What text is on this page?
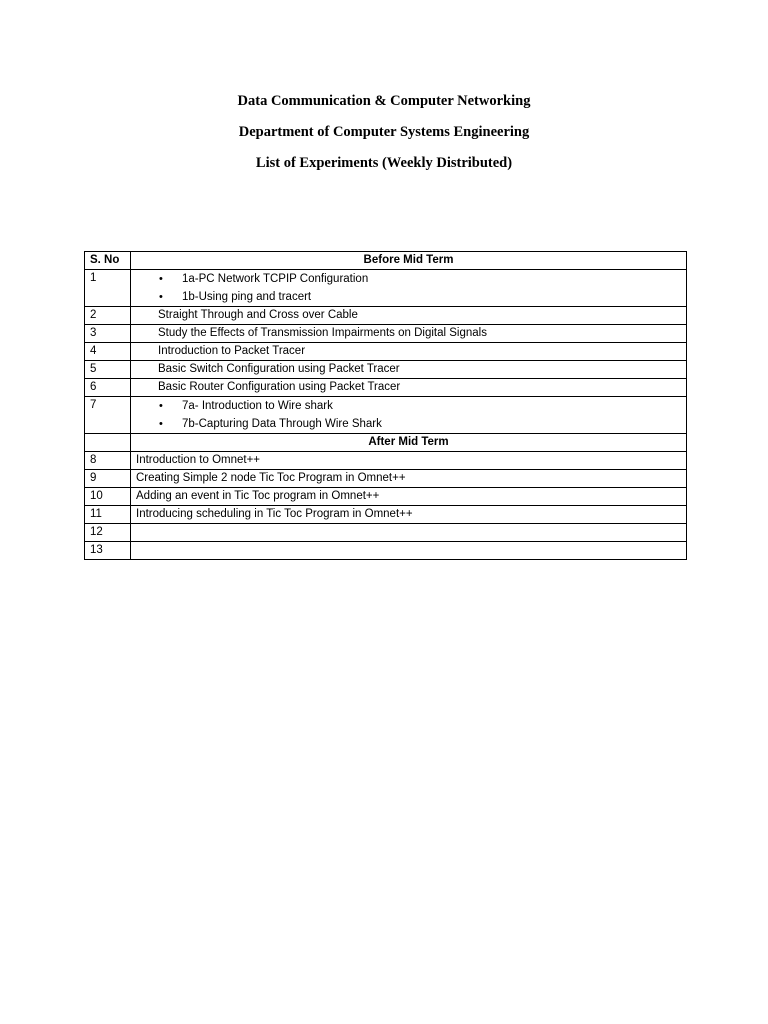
Data Communication & Computer Networking
Department of Computer Systems Engineering
List of Experiments (Weekly Distributed)
S. No	Before Mid Term
1	• 1a-PC Network TCPIP Configuration
• 1b-Using ping and tracert

2	Straight Through and Cross over Cable

3	Study the Effects of Transmission Impairments on Digital Signals

4	Introduction to Packet Tracer

5	Basic Switch Configuration using Packet Tracer

6	Basic Router Configuration using Packet Tracer

7	• 7a- Introduction to Wire shark
• 7b-Capturing Data Through Wire Shark

	After Mid Term
8	Introduction to Omnet++
9	Creating Simple 2 node Tic Toc Program in Omnet++
10	Adding an event in Tic Toc program in Omnet++
11	Introducing scheduling in Tic Toc Program in Omnet++
12	
13	
